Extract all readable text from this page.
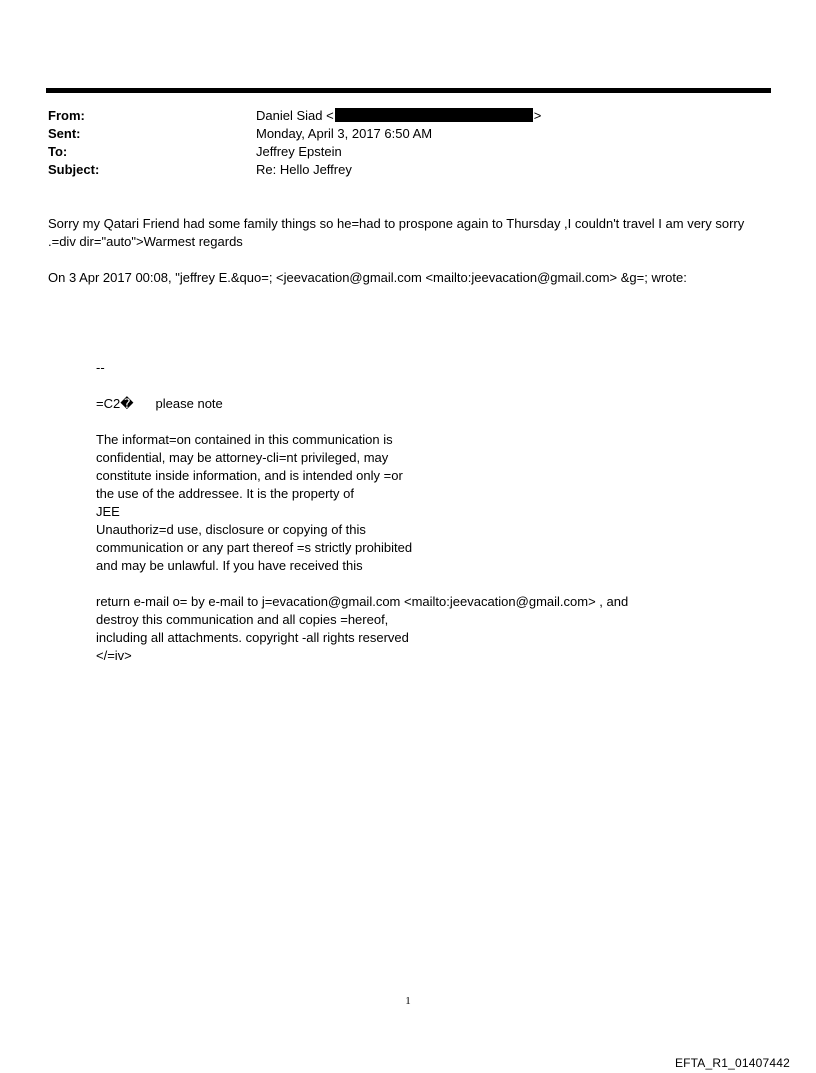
From:	Daniel Siad <	>
Sent:	Monday, April 3, 2017 6:50 AM
To:	Jeffrey Epstein
Subject:	Re: Hello Jeffrey
Sorry my Qatari Friend had some family things so he=had to prospone again to Thursday ,I couldn't travel I am very sorry .=div dir="auto">Warmest regards
On 3 Apr 2017 00:08, "jeffrey E.&quo=; <jeevacation@gmail.com <mailto:jeevacation@gmail.com> &g=; wrote:
--
=C2� please note
The informat=on contained in this communication is
confidential, may be attorney-cli=nt privileged, may
constitute inside information, and is intended only =or
the use of the addressee. It is the property of
JEE
Unauthoriz=d use, disclosure or copying of this
communication or any part thereof =s strictly prohibited
and may be unlawful. If you have received this
return e-mail o= by e-mail to j=evacation@gmail.com <mailto:jeevacation@gmail.com> , and
destroy this communication and all copies =hereof,
including all attachments. copyright -all rights reserved
</=iv>
1
EFTA_R1_01407442
